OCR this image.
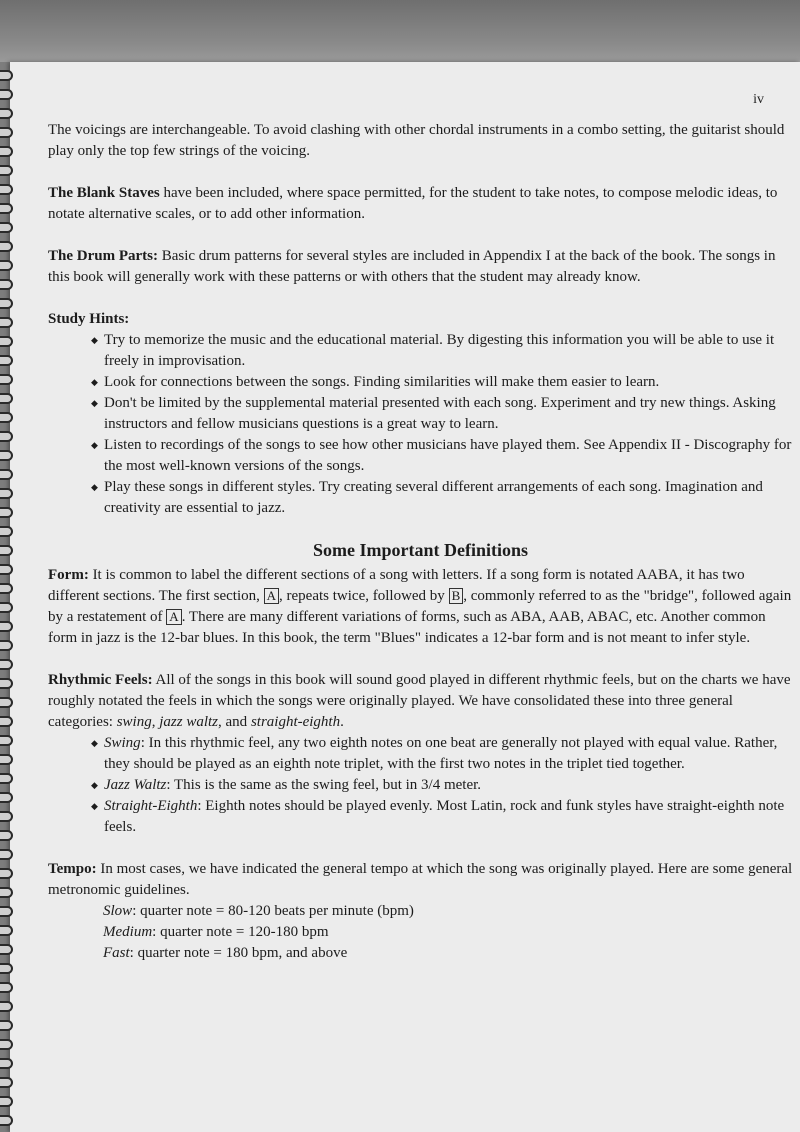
iv

The voicings are interchangeable. To avoid clashing with other chordal instruments in a combo setting, the guitarist should play only the top few strings of the voicing.

The Blank Staves have been included, where space permitted, for the student to take notes, to compose melodic ideas, to notate alternative scales, or to add other information.

The Drum Parts: Basic drum patterns for several styles are included in Appendix I at the back of the book. The songs in this book will generally work with these patterns or with others that the student may already know.

Study Hints:
◆ Try to memorize the music and the educational material. By digesting this information you will be able to use it freely in improvisation.
◆ Look for connections between the songs. Finding similarities will make them easier to learn.
◆ Don't be limited by the supplemental material presented with each song. Experiment and try new things. Asking instructors and fellow musicians questions is a great way to learn.
◆ Listen to recordings of the songs to see how other musicians have played them. See Appendix II - Discography for the most well-known versions of the songs.
◆ Play these songs in different styles. Try creating several different arrangements of each song. Imagination and creativity are essential to jazz.
Some Important Definitions

Form: It is common to label the different sections of a song with letters. If a song form is notated AABA, it has two different sections. The first section, A , repeats twice, followed by B , commonly referred to as the "bridge", followed again by a restatement of A . There are many different variations of forms, such as ABA, AAB, ABAC, etc. Another common form in jazz is the 12-bar blues. In this book, the term "Blues" indicates a 12-bar form and is not meant to infer style.

Rhythmic Feels: All of the songs in this book will sound good played in different rhythmic feels, but on the charts we have roughly notated the feels in which the songs were originally played. We have consolidated these into three general categories: swing, jazz waltz, and straight-eighth.
◆ Swing: In this rhythmic feel, any two eighth notes on one beat are generally not played with equal value. Rather, they should be played as an eighth note triplet, with the first two notes in the triplet tied together.
◆ Jazz Waltz: This is the same as the swing feel, but in 3/4 meter.
◆ Straight-Eighth: Eighth notes should be played evenly. Most Latin, rock and funk styles have straight-eighth note feels.
Tempo: In most cases, we have indicated the general tempo at which the song was originally played. Here are some general metronomic guidelines.
Slow: quarter note = 80-120 beats per minute (bpm)
Medium: quarter note = 120-180 bpm
Fast: quarter note = 180 bpm, and above
